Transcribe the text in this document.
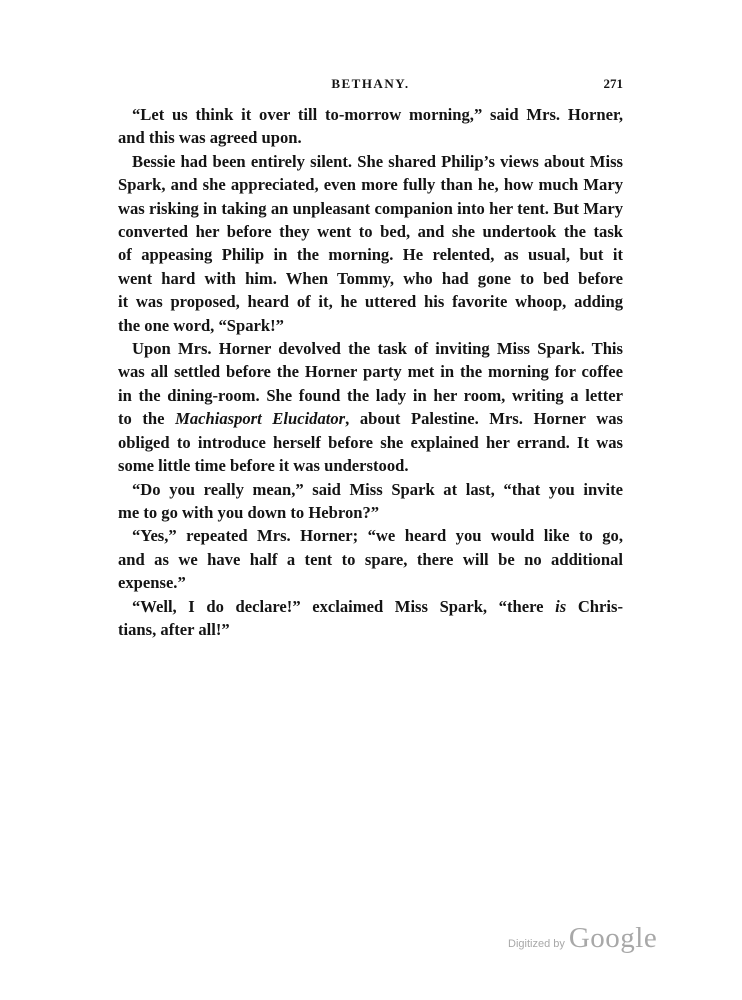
BETHANY.	271
“Let us think it over till to-morrow morning,” said Mrs. Horner,
and this was agreed upon.
Bessie had been entirely silent. She shared Philip’s views about Miss
Spark, and she appreciated, even more fully than he, how much Mary
was risking in taking an unpleasant companion into her tent. But Mary
converted her before they went to bed, and she undertook the task
of appeasing Philip in the morning. He relented, as usual, but it
went hard with him. When Tommy, who had gone to bed before
it was proposed, heard of it, he uttered his favorite whoop, adding
the one word, “Spark!”
Upon Mrs. Horner devolved the task of inviting Miss Spark. This
was all settled before the Horner party met in the morning for coffee
in the dining-room. She found the lady in her room, writing a letter
to the Machiasport Elucidator, about Palestine. Mrs. Horner was
obliged to introduce herself before she explained her errand. It was
some little time before it was understood.
“Do you really mean,” said Miss Spark at last, “that you invite
me to go with you down to Hebron?”
“Yes,” repeated Mrs. Horner; “we heard you would like to go,
and as we have half a tent to spare, there will be no additional
expense.”
“Well, I do declare!” exclaimed Miss Spark, “there is Chris-
tians, after all!”
Digitized by Google
